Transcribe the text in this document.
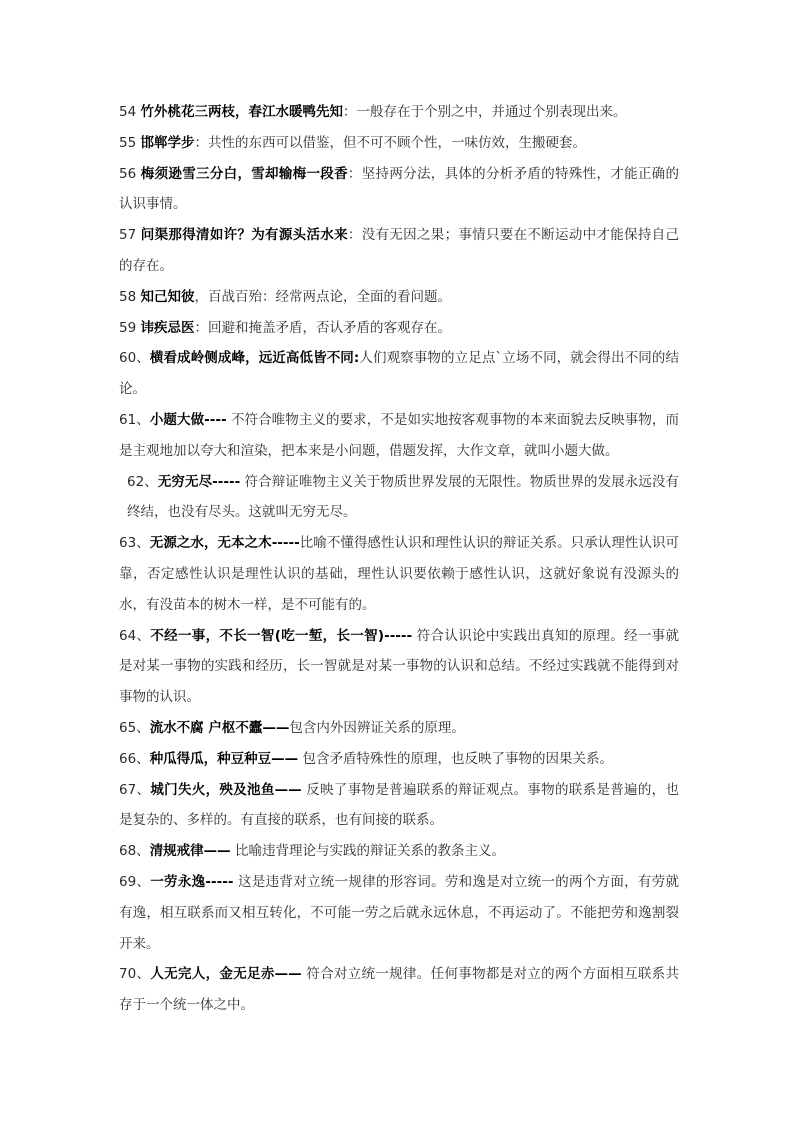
54 竹外桃花三两枝，春江水暖鸭先知：一般存在于个别之中，并通过个别表现出来。

55 邯郸学步：共性的东西可以借鉴，但不可不顾个性，一味仿效，生搬硬套。

56 梅须逊雪三分白，雪却输梅一段香：坚持两分法，具体的分析矛盾的特殊性，才能正确的认识事情。

57 问渠那得清如许？为有源头活水来：没有无因之果；事情只要在不断运动中才能保持自己的存在。

58 知己知彼，百战百殆：经常两点论，全面的看问题。

59 讳疾忌医：回避和掩盖矛盾，否认矛盾的客观存在。

60、横看成岭侧成峰，远近高低皆不同:人们观察事物的立足点`立场不同，就会得出不同的结论。

61、小题大做---- 不符合唯物主义的要求，不是如实地按客观事物的本来面貌去反映事物，而是主观地加以夸大和渲染，把本来是小问题，借题发挥，大作文章，就叫小题大做。

62、无穷无尽----- 符合辩证唯物主义关于物质世界发展的无限性。物质世界的发展永远没有终结，也没有尽头。这就叫无穷无尽。

63、无源之水，无本之木-----比喻不懂得感性认识和理性认识的辩证关系。只承认理性认识可靠，否定感性认识是理性认识的基础，理性认识要依赖于感性认识，这就好象说有没源头的水，有没苗本的树木一样，是不可能有的。

64、不经一事，不长一智(吃一堑，长一智)----- 符合认识论中实践出真知的原理。经一事就是对某一事物的实践和经历，长一智就是对某一事物的认识和总结。不经过实践就不能得到对事物的认识。

65、流水不腐 户枢不蠹——包含内外因辨证关系的原理。

66、种瓜得瓜，种豆种豆—— 包含矛盾特殊性的原理，也反映了事物的因果关系。

67、城门失火，殃及池鱼—— 反映了事物是普遍联系的辩证观点。事物的联系是普遍的，也是复杂的、多样的。有直接的联系，也有间接的联系。

68、清规戒律—— 比喻违背理论与实践的辩证关系的教条主义。

69、一劳永逸----- 这是违背对立统一规律的形容词。劳和逸是对立统一的两个方面，有劳就有逸，相互联系而又相互转化，不可能一劳之后就永远休息，不再运动了。不能把劳和逸割裂开来。

70、人无完人，金无足赤—— 符合对立统一规律。任何事物都是对立的两个方面相互联系共存于一个统一体之中。
